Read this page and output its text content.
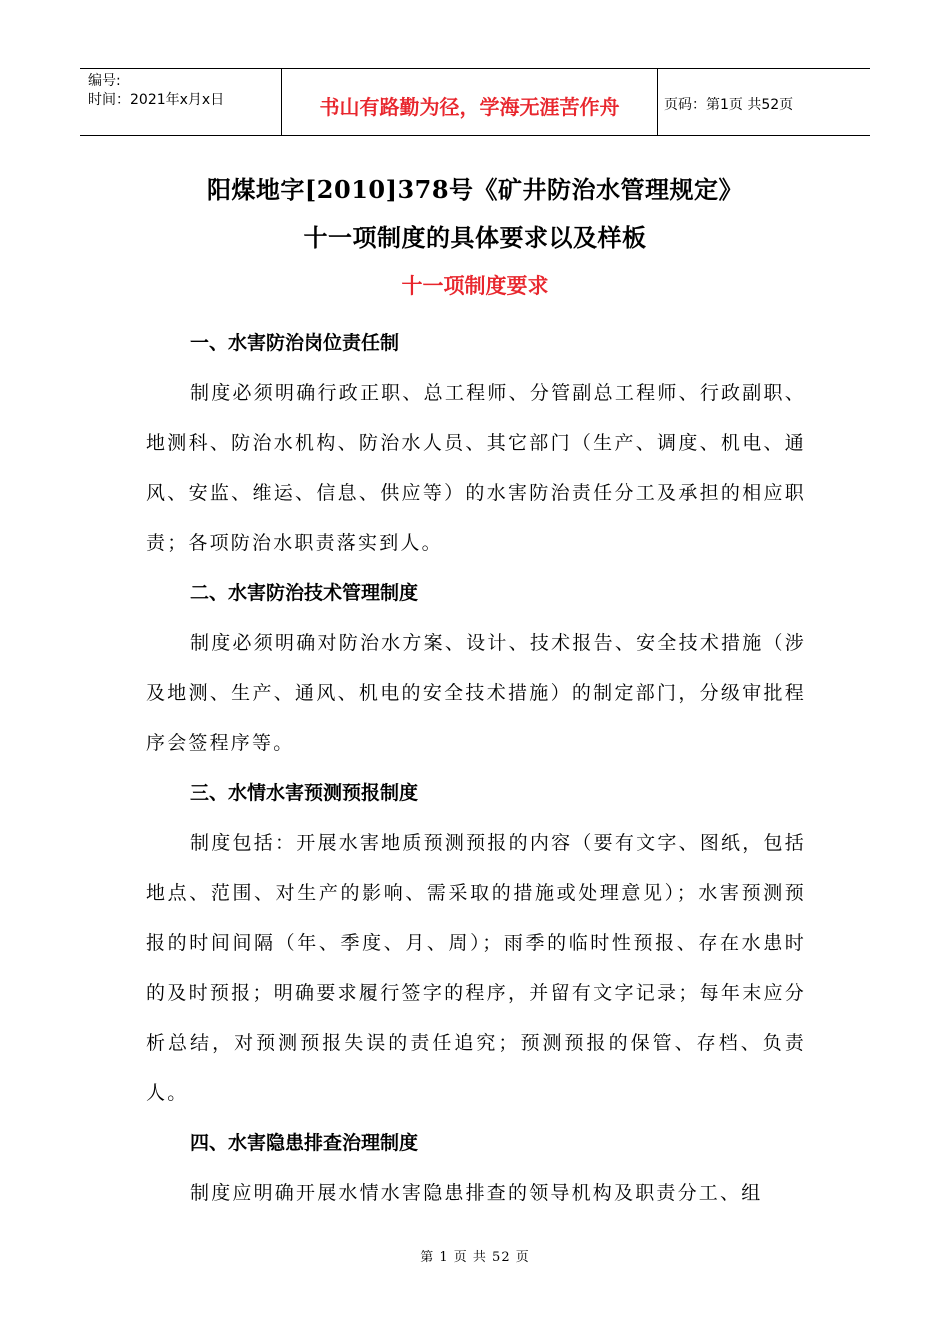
编号:
时间：2021年x月x日	书山有路勤为径，学海无涯苦作舟	页码：第1页 共52页
阳煤地字[2010]378号《矿井防治水管理规定》
十一项制度的具体要求以及样板
十一项制度要求
一、水害防治岗位责任制
制度必须明确行政正职、总工程师、分管副总工程师、行政副职、地测科、防治水机构、防治水人员、其它部门（生产、调度、机电、通风、安监、维运、信息、供应等）的水害防治责任分工及承担的相应职责；各项防治水职责落实到人。
二、水害防治技术管理制度
制度必须明确对防治水方案、设计、技术报告、安全技术措施（涉及地测、生产、通风、机电的安全技术措施）的制定部门，分级审批程序会签程序等。
三、水情水害预测预报制度
制度包括：开展水害地质预测预报的内容（要有文字、图纸，包括地点、范围、对生产的影响、需采取的措施或处理意见）；水害预测预报的时间间隔（年、季度、月、周）；雨季的临时性预报、存在水患时的及时预报；明确要求履行签字的程序，并留有文字记录；每年末应分析总结，对预测预报失误的责任追究；预测预报的保管、存档、负责人。
四、水害隐患排查治理制度
制度应明确开展水情水害隐患排查的领导机构及职责分工、组
第 1 页 共 52 页
